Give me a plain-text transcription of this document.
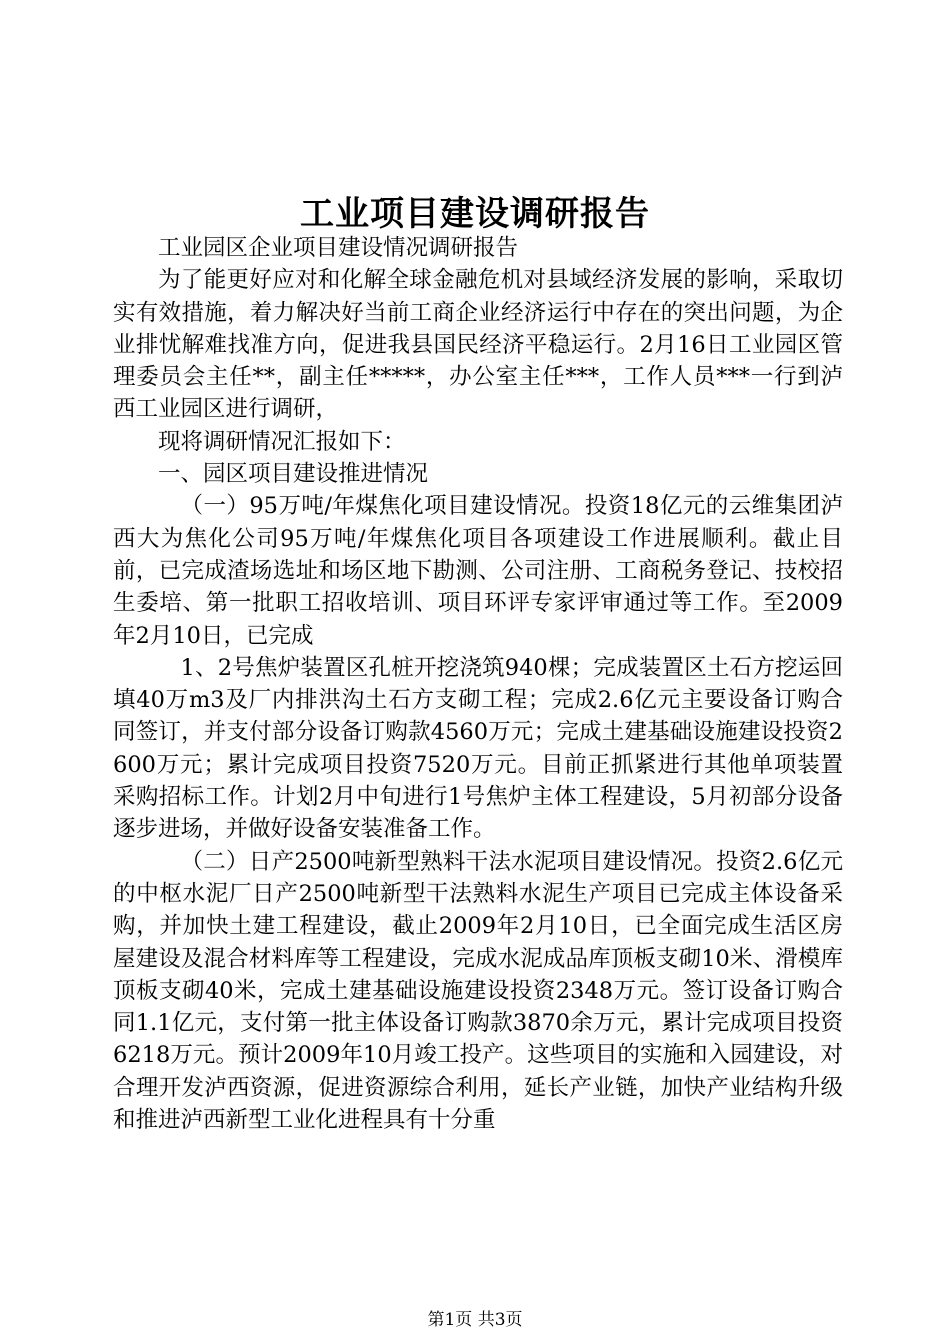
工业项目建设调研报告

工业园区企业项目建设情况调研报告

为了能更好应对和化解全球金融危机对县域经济发展的影响，采取切实有效措施，着力解决好当前工商企业经济运行中存在的突出问题，为企业排忧解难找准方向，促进我县国民经济平稳运行。2月16日工业园区管理委员会主任**，副主任*****，办公室主任***，工作人员***一行到泸西工业园区进行调研，

现将调研情况汇报如下：

一、园区项目建设推进情况

（一）95万吨/年煤焦化项目建设情况。投资18亿元的云维集团泸西大为焦化公司95万吨/年煤焦化项目各项建设工作进展顺利。截止目前，已完成渣场选址和场区地下勘测、公司注册、工商税务登记、技校招生委培、第一批职工招收培训、项目环评专家评审通过等工作。至2009年2月10日，已完成

1、2号焦炉装置区孔桩开挖浇筑940棵；完成装置区土石方挖运回填40万m3及厂内排洪沟土石方支砌工程；完成2.6亿元主要设备订购合同签订，并支付部分设备订购款4560万元；完成土建基础设施建设投资2600万元；累计完成项目投资7520万元。目前正抓紧进行其他单项装置采购招标工作。计划2月中旬进行1号焦炉主体工程建设，5月初部分设备逐步进场，并做好设备安装准备工作。

（二）日产2500吨新型熟料干法水泥项目建设情况。投资2.6亿元的中枢水泥厂日产2500吨新型干法熟料水泥生产项目已完成主体设备采购，并加快土建工程建设，截止2009年2月10日，已全面完成生活区房屋建设及混合材料库等工程建设，完成水泥成品库顶板支砌10米、滑模库顶板支砌40米，完成土建基础设施建设投资2348万元。签订设备订购合同1.1亿元，支付第一批主体设备订购款3870余万元，累计完成项目投资6218万元。预计2009年10月竣工投产。这些项目的实施和入园建设，对合理开发泸西资源，促进资源综合利用，延长产业链，加快产业结构升级和推进泸西新型工业化进程具有十分重

第1页 共3页
